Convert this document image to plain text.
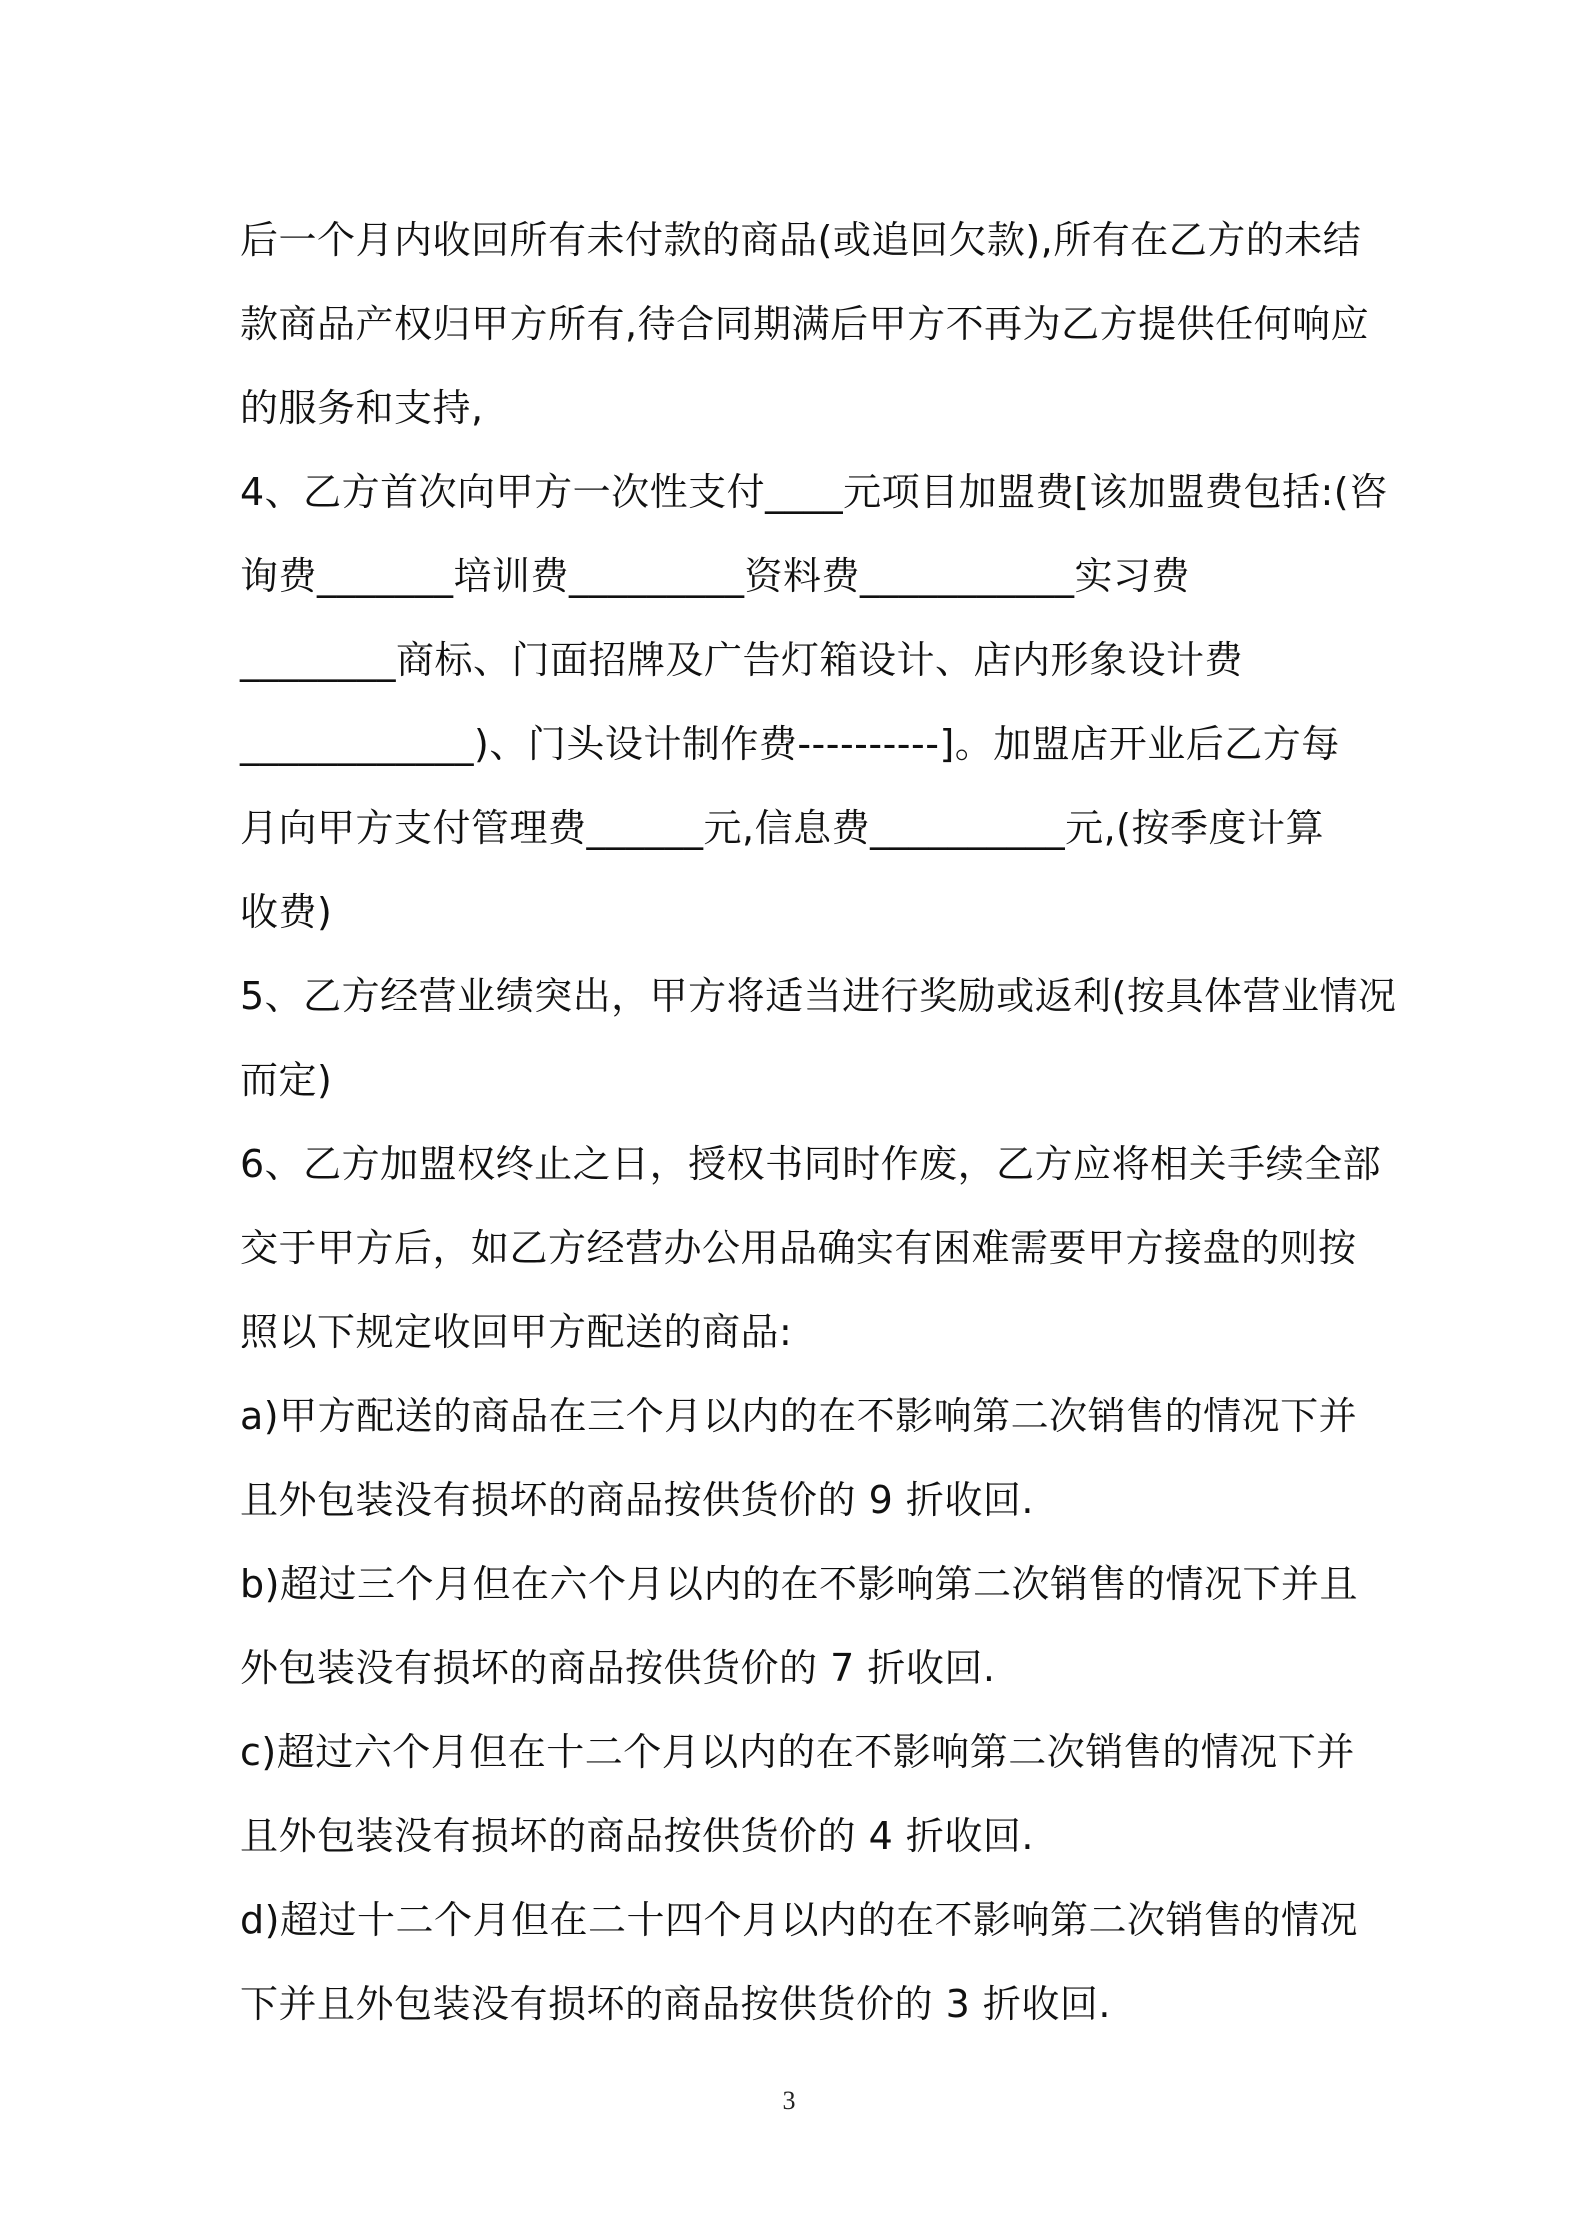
后一个月内收回所有未付款的商品(或追回欠款),所有在乙方的未结
款商品产权归甲方所有,待合同期满后甲方不再为乙方提供任何响应
的服务和支持,
4、乙方首次向甲方一次性支付____元项目加盟费[该加盟费包括:(咨
询费_______培训费_________资料费___________实习费
________商标、门面招牌及广告灯箱设计、店内形象设计费
____________)、门头设计制作费----------]。加盟店开业后乙方每
月向甲方支付管理费______元,信息费__________元,(按季度计算
收费)
5、乙方经营业绩突出，甲方将适当进行奖励或返利(按具体营业情况
而定)
6、乙方加盟权终止之日，授权书同时作废，乙方应将相关手续全部
交于甲方后，如乙方经营办公用品确实有困难需要甲方接盘的则按
照以下规定收回甲方配送的商品:
a)甲方配送的商品在三个月以内的在不影响第二次销售的情况下并
且外包装没有损坏的商品按供货价的 9 折收回.
b)超过三个月但在六个月以内的在不影响第二次销售的情况下并且
外包装没有损坏的商品按供货价的 7 折收回.
c)超过六个月但在十二个月以内的在不影响第二次销售的情况下并
且外包装没有损坏的商品按供货价的 4 折收回.
d)超过十二个月但在二十四个月以内的在不影响第二次销售的情况
下并且外包装没有损坏的商品按供货价的 3 折收回.
3
